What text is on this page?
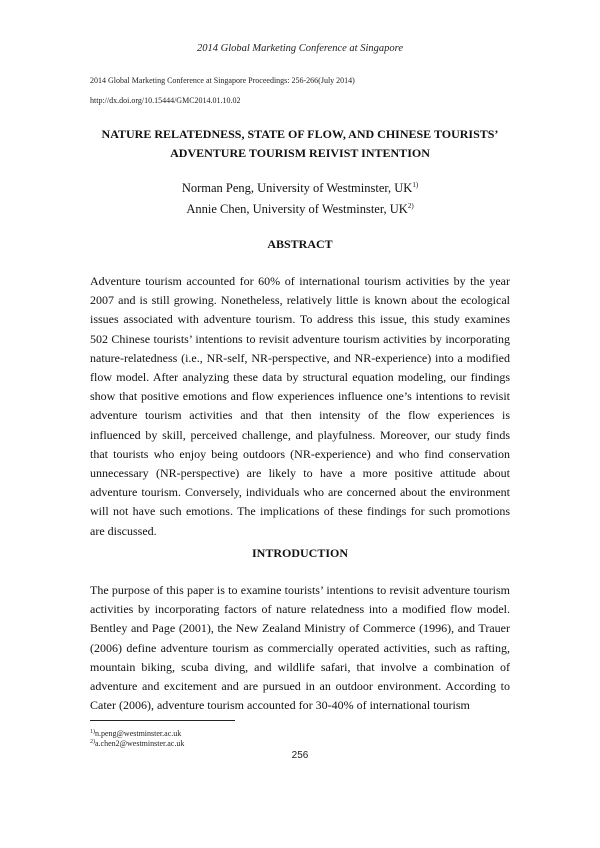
2014 Global Marketing Conference at Singapore
2014 Global Marketing Conference at Singapore Proceedings: 256-266(July 2014)
http://dx.doi.org/10.15444/GMC2014.01.10.02
NATURE RELATEDNESS, STATE OF FLOW, AND CHINESE TOURISTS’
ADVENTURE TOURISM REIVIST INTENTION
Norman Peng, University of Westminster, UK$^{1)}$
Annie Chen, University of Westminster, UK$^{2)}$
ABSTRACT
Adventure tourism accounted for 60% of international tourism activities by the year 2007 and is still growing. Nonetheless, relatively little is known about the ecological issues associated with adventure tourism. To address this issue, this study examines 502 Chinese tourists’ intentions to revisit adventure tourism activities by incorporating nature-relatedness (i.e., NR-self, NR-perspective, and NR-experience) into a modified flow model. After analyzing these data by structural equation modeling, our findings show that positive emotions and flow experiences influence one’s intentions to revisit adventure tourism activities and that then intensity of the flow experiences is influenced by skill, perceived challenge, and playfulness. Moreover, our study finds that tourists who enjoy being outdoors (NR-experience) and who find conservation unnecessary (NR-perspective) are likely to have a more positive attitude about adventure tourism. Conversely, individuals who are concerned about the environment will not have such emotions. The implications of these findings for such promotions are discussed.
INTRODUCTION
The purpose of this paper is to examine tourists’ intentions to revisit adventure tourism activities by incorporating factors of nature relatedness into a modified flow model. Bentley and Page (2001), the New Zealand Ministry of Commerce (1996), and Trauer (2006) define adventure tourism as commercially operated activities, such as rafting, mountain biking, scuba diving, and wildlife safari, that involve a combination of adventure and excitement and are pursued in an outdoor environment. According to Cater (2006), adventure tourism accounted for 30-40% of international tourism
$^{1)}$n.peng@westminster.ac.uk
$^{2)}$a.chen2@westminster.ac.uk
256
